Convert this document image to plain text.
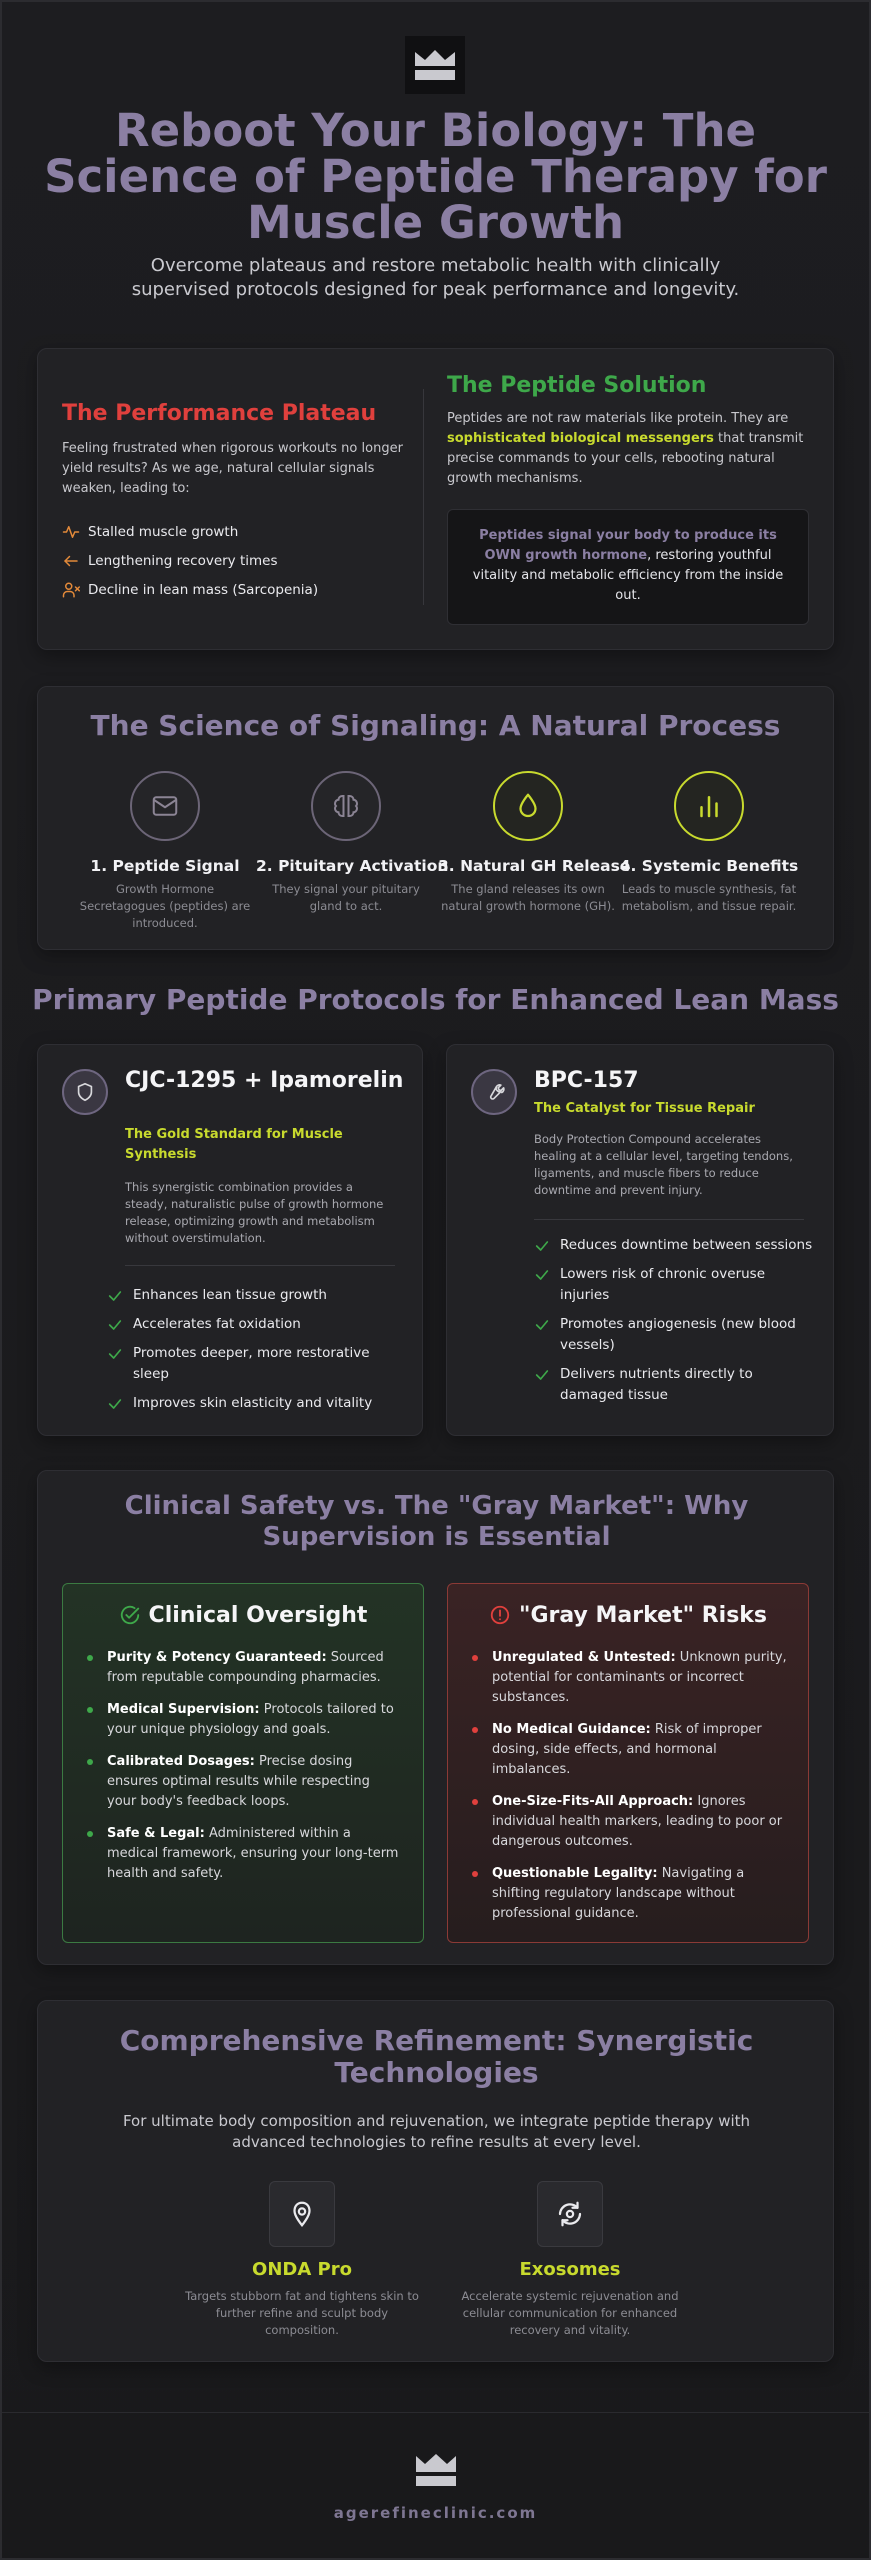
Reboot Your Biology: The Science of Peptide Therapy for Muscle Growth

Overcome plateaus and restore metabolic health with clinically supervised protocols designed for peak performance and longevity.

The Performance Plateau

Feeling frustrated when rigorous workouts no longer yield results? As we age, natural cellular signals weaken, leading to:

Stalled muscle growth
Lengthening recovery times
Decline in lean mass (Sarcopenia)
The Peptide Solution

Peptides are not raw materials like protein. They are sophisticated biological messengers that transmit precise commands to your cells, rebooting natural growth mechanisms.

Peptides signal your body to produce its OWN growth hormone, restoring youthful vitality and metabolic efficiency from the inside out.
The Science of Signaling: A Natural Process
1. Peptide Signal
Growth Hormone Secretagogues (peptides) are introduced.
2. Pituitary Activation
They signal your pituitary gland to act.
3. Natural GH Release
The gland releases its own natural growth hormone (GH).
4. Systemic Benefits
Leads to muscle synthesis, fat metabolism, and tissue repair.
Primary Peptide Protocols for Enhanced Lean Mass
CJC-1295 + Ipamorelin
The Gold Standard for Muscle Synthesis

This synergistic combination provides a steady, naturalistic pulse of growth hormone release, optimizing growth and metabolism without overstimulation.

Enhances lean tissue growth
Accelerates fat oxidation
Promotes deeper, more restorative sleep
Improves skin elasticity and vitality
BPC-157
The Catalyst for Tissue Repair

Body Protection Compound accelerates healing at a cellular level, targeting tendons, ligaments, and muscle fibers to reduce downtime and prevent injury.

Reduces downtime between sessions
Lowers risk of chronic overuse injuries
Promotes angiogenesis (new blood vessels)
Delivers nutrients directly to damaged tissue
Clinical Safety vs. The "Gray Market": Why Supervision is Essential
Clinical Oversight
Purity & Potency Guaranteed: Sourced from reputable compounding pharmacies.
Medical Supervision: Protocols tailored to your unique physiology and goals.
Calibrated Dosages: Precise dosing ensures optimal results while respecting your body's feedback loops.
Safe & Legal: Administered within a medical framework, ensuring your long-term health and safety.
"Gray Market" Risks
Unregulated & Untested: Unknown purity, potential for contaminants or incorrect substances.
No Medical Guidance: Risk of improper dosing, side effects, and hormonal imbalances.
One-Size-Fits-All Approach: Ignores individual health markers, leading to poor or dangerous outcomes.
Questionable Legality: Navigating a shifting regulatory landscape without professional guidance.
Comprehensive Refinement: Synergistic Technologies

For ultimate body composition and rejuvenation, we integrate peptide therapy with advanced technologies to refine results at every level.

ONDA Pro
Targets stubborn fat and tightens skin to further refine and sculpt body composition.
Exosomes
Accelerate systemic rejuvenation and cellular communication for enhanced recovery and vitality.
agerefineclinic.com
